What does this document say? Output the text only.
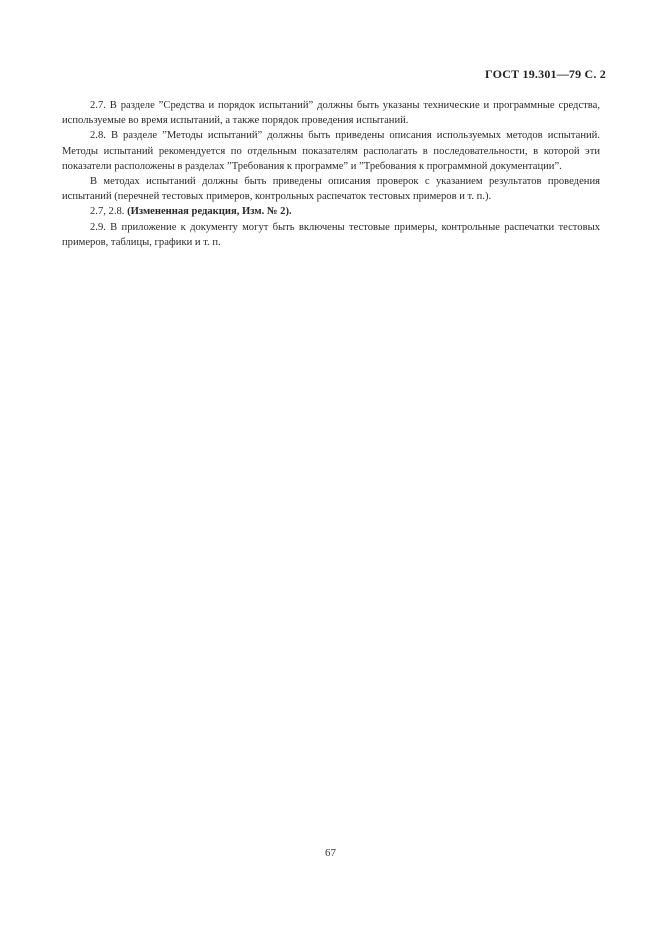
ГОСТ 19.301—79 С. 2

2.7. В разделе ”Средства и порядок испытаний” должны быть указаны технические и программные средства, используемые во время испытаний, а также порядок проведения испытаний.

2.8. В разделе ”Методы испытаний” должны быть приведены описания используемых методов испытаний. Методы испытаний рекомендуется по отдельным показателям располагать в последовательности, в которой эти показатели расположены в разделах ”Требования к программе” и ”Требования к программной документации”.

В методах испытаний должны быть приведены описания проверок с указанием результатов проведения испытаний (перечней тестовых примеров, контрольных распечаток тестовых примеров и т. п.).

2.7, 2.8. (Измененная редакция, Изм. № 2).

2.9. В приложение к документу могут быть включены тестовые примеры, контрольные распечатки тестовых примеров, таблицы, графики и т. п.

67
